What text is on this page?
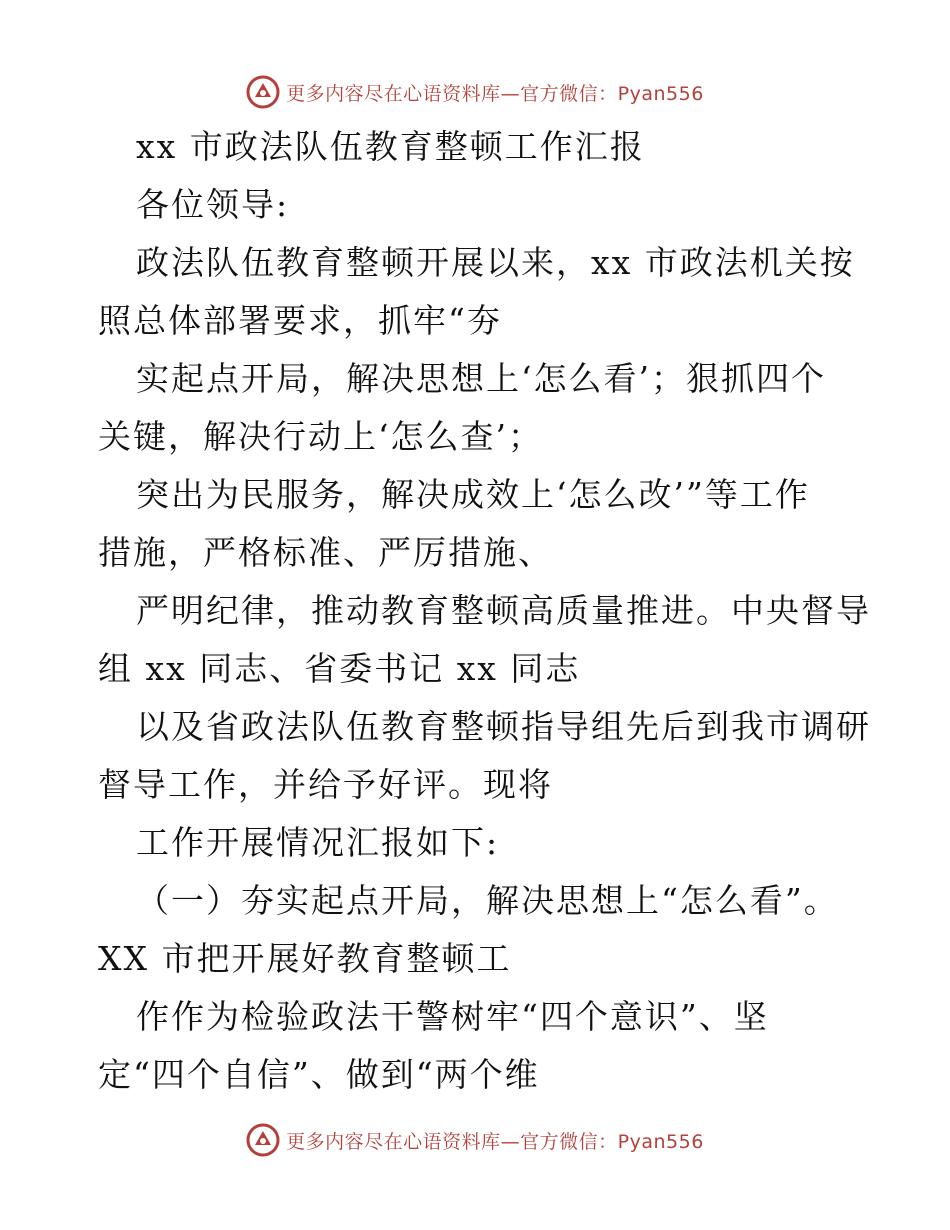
更多内容尽在心语资料库—官方微信：Pyan556
xx 市政法队伍教育整顿工作汇报
各位领导:
政法队伍教育整顿开展以来，xx 市政法机关按
照总体部署要求，抓牢“夯
实起点开局，解决思想上‘怎么看’；狠抓四个
关键，解决行动上‘怎么查’；
突出为民服务，解决成效上‘怎么改’”等工作
措施，严格标准、严厉措施、
严明纪律，推动教育整顿高质量推进。中央督导
组 xx 同志、省委书记 xx 同志
以及省政法队伍教育整顿指导组先后到我市调研
督导工作，并给予好评。现将
工作开展情况汇报如下:
（一）夯实起点开局，解决思想上“怎么看”。
XX 市把开展好教育整顿工
作作为检验政法干警树牢“四个意识”、坚
定“四个自信”、做到“两个维
更多内容尽在心语资料库—官方微信：Pyan556
